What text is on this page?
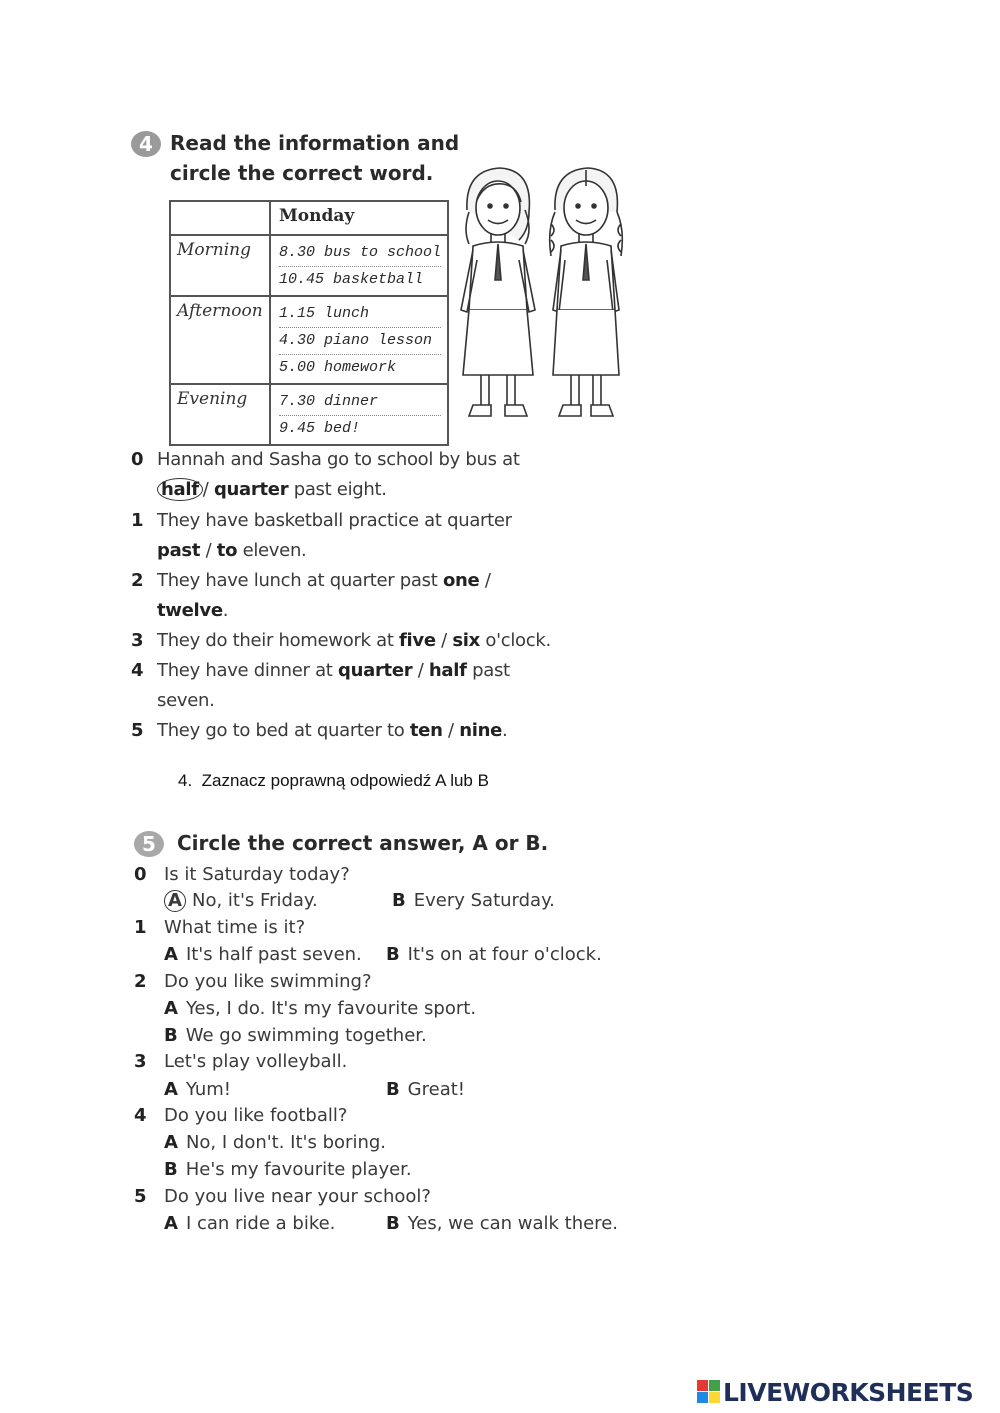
4 Read the information and
circle the correct word.
	Monday
Morning	8.30 bus to school
10.45 basketball

Afternoon	1.15 lunch
4.30 piano lesson
5.00 homework

Evening	7.30 dinner
9.45 bed!
0 Hannah and Sasha go to school by bus at
half / quarter past eight.
1 They have basketball practice at quarter
past / to eleven.
2 They have lunch at quarter past one /
twelve.
3 They do their homework at five / six o'clock.
4 They have dinner at quarter / half past
seven.
5 They go to bed at quarter to ten / nine.
4. Zaznacz poprawną odpowiedź A lub B
5	Circle the correct answer, A or B.
0 Is it Saturday today?
A No, it's Friday.	B Every Saturday.
1 What time is it?
A It's half past seven. B It's on at four o'clock.
2 Do you like swimming?
A Yes, I do. It's my favourite sport.
B We go swimming together.
3 Let's play volleyball.
A Yum!	B Great!
4 Do you like football?
A No, I don't. It's boring.
B He's my favourite player.
5 Do you live near your school?
A I can ride a bike.	B Yes, we can walk there.
LIVEWORKSHEETS
